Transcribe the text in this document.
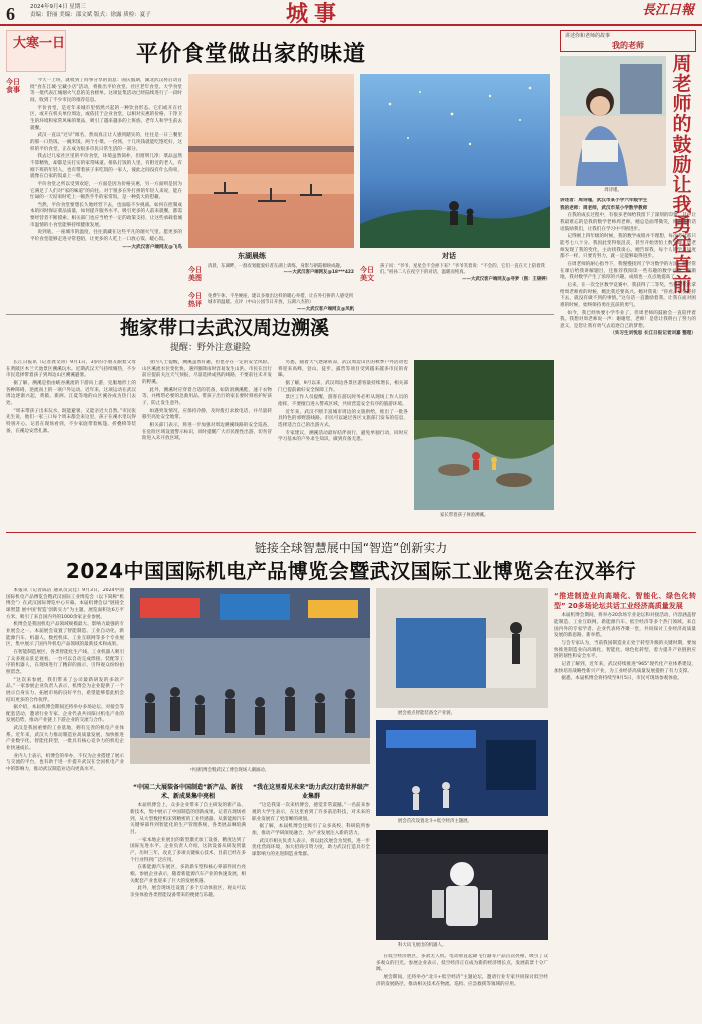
6	2024年9月4日 星期三
责编：舒丽 美编：邵文斌 版式：徐露 质检：夏子	城事	長江日報
大寒一日	平价食堂做出家的味道
今日食事

今天一上班，就收到了同事分享的消息：国庆假期，湖北武汉将启动首批“食在江城·宝藏小店”活动，将推出平价食堂、社区老年食堂、大学食堂等一批代表江城烟火气息的美食榜单。这项征集活动已经陆续进行了一段时间，收到了不少市民的推荐信息。

平价食堂，是近年来城市里悄然兴起的一种饮食形态。它们或开在社区，或开在机关单位周边，或依托于企业食堂，以相对实惠的价格、干净卫生的环境和家常风味的菜品，吸引了越来越多的上班族、老年人和学生前去就餐。

武汉一直以“过早”闻名，然而真正让人感到踏实的，往往是一日三餐里的那一口热饭。一碗米饭、两个小菜、一份汤，十几块钱就能吃饱吃好，这样的平价食堂，正在成为很多市民日常生活的一部分。

我去过几家社区里的平价食堂，环境虽然简朴，但窗明几净；菜品虽然不算精致，却都是实打实的家常味道。排队打饭的人里，有附近的老人，有刚下班的年轻人，也有带着孩子来吃饭的一家人，彼此之间没有什么拘束，就像在自家的饭桌上一样。

平价食堂之所以受到欢迎，一方面是因为价格实惠，另一方面则是因为它满足了人们对“家的味道”的向往。对于很多在外打拼的年轻人来说，能在忙碌的一天结束时吃上一顿热乎乎的家常饭，是一种莫大的慰藉。

当然，平价食堂要想长久地经营下去，也面临不少挑战。如何在控制成本的同时保证菜品质量，如何提升服务水平、吸引更多的人前来就餐，都需要经营者不断摸索。相关部门也应当给予一定的政策支持，让这些承载着城市温情的小食堂能够持续健康发展。

说到底，一座城市的温度，往往就藏在这些平凡的烟火气里。愿更多的平价食堂能够走进寻常巷陌，让更多的人吃上一口放心饭、暖心饭。

——大武汉客户端网友@飞鸟
东湖晨练
今日美图
清晨，东湖畔，一群皮划艇爱好者在湖上训练，身影与朝霞相映成趣。
——大武汉客户端网友@18***422
今日热评
免费午休、不坐硬座，建议多推出这样的暖心举措，让在外打拼的人感受到城市的温暖。点评（中山公园节日开放，五湖六杰的）
——大武汉客户端网友@风帆
对话
今日美文
孩子问：“爷爷，星星会不会掉下来？”爷爷笑着说：“不会的，它们一直在天上陪着我们。”祖孙二人在夜空下的对话，温暖而纯真。
——大武汉客户端网友@寻梦（图：王锦婷）
讲述你和老师的故事
我的老师
周老师的鼓励让我勇往直前
周诗瑾。

讲述者：周诗瑾，武汉市某小学六年级学生

我的老师：周老师，武汉市某小学数学教师

在我的成长过程中，有很多老师给我留下了深刻的印象，其中让我最难忘的是我的数学老师周老师。她总是面带微笑，用温柔的话语鼓励我们，让我们在学习中不断进步。

记得刚上四年级的时候，我的数学成绩并不理想，每次考试都只能考七八十分。我因此变得很沮丧，甚至开始害怕上数学课。周老师发现了我的变化，主动找我谈心。她告诉我，每个人的学习进度都不一样，只要肯努力，就一定能够取得进步。

在周老师的耐心指导下，我慢慢找到了学习数学的方法。她经常在课后给我讲解题目，还推荐我阅读一些有趣的数学书籍。渐渐地，我对数学产生了浓厚的兴趣，成绩也一点点地提高了。

后来，在一次全区数学竞赛中，我获得了二等奖。当我把奖状拿给周老师看的时候，她比我还要高兴。她对我说：“你看，只要坚持下去，就没有做不到的事情。”这句话一直激励着我，让我在面对困难的时候，始终保持勇往直前的勇气。

如今，我已经快要小学毕业了，但周老师的鼓励会一直陪伴着我。我想对周老师说一声：谢谢您，老师！是您让我明白了努力的意义，是您让我有勇气去追逐自己的梦想。

（实习生刘悦思 长江日报记者刘嘉 整理）
拖家带口去武汉周边溯溪
提醒：野外注意避险

长江日报讯（记者龚文涛）9月1日，3岁的小朋友跟着父母在黄陂区木兰天池景区溯溪玩水。近期武汉天气持续晴热，不少市民选择带着孩子到周边山区溯溪避暑。

据了解，溯溪是指由峡谷溪流的下游向上游，克服地形上的各种障碍，逆流而上的一项户外运动。近年来，这项运动在武汉周边逐渐兴起，黄陂、新洲、江夏等地的山区溪谷成为热门去处。

“周末带孩子出来玩水，既能避暑，又能亲近大自然。”市民张先生说，他们一家三口每个周末都会来这里，孩子在溪水里玩得特别开心。记者在现场看到，不少家庭带着帐篷、折叠椅等装备，在溪边安营扎寨。

业内人士提醒，溯溪虽然有趣，但也存在一定的安全风险。山区溪流水位变化快，遇到强降雨时容易发生山洪。市民在出行前应提前关注天气预报，尽量选择成熟的线路，不要前往未开发的野溪。

此外，溯溪时应穿着合适的装备，如防滑溯溪鞋、速干衣物等，并携带必要的急救用品。带孩子出行的家长要时刻看护好孩子，防止发生意外。

如遇突发情况，应保持冷静，及时拨打求救电话，并尽量转移至高处安全地带。

相关部门表示，将进一步加强对周边溯溪线路的安全巡查，在危险区域设置警示标识，同时提醒广大市民理性出游，切勿冒险进入未开放区域。

另悉，随着天气逐渐转凉，武汉周边山区的秋季户外活动也将迎来高峰，登山、徒步、露营等项目受到越来越多市民的青睐。

据了解，9月以来，武汉周边各景区游客量持续增长，相关部门已提前做好安全保障工作。

景区工作人员提醒，游客在游玩时务必听从现场工作人员的指挥，不要擅自进入警戒区域，共同营造安全有序的旅游环境。

近年来，武汉不断丰富城市周边的文旅供给，推出了一批各具特色的郊野游线路。市民可以通过各区文旅部门发布的信息，选择适合自己的出游方式。

专家建议，溯溪活动最好结伴而行，避免单独行动，同时应学习基本的户外求生知识，做到有备无患。

家长带着孩子体验溯溪。
链接全球智慧展中国“智造”创新实力
2024中国国际机电产品博览会暨武汉国际工业博览会在汉举行

本报讯（记者陈洁 通讯员吴佳）9月3日，2024中国国际机电产品博览会暨武汉国际工业博览会（以下简称“机博会”）在武汉国际博览中心开幕。本届机博会以“链接全球智慧 展中国‘智造’创新实力”为主题，展览面积达6万平方米，吸引了来自国内外的1000余家企业参展。

机博会是我国机电产品领域规模最大、影响力最强的专业展会之一。本届展会设置了智能制造、工业自动化、新能源汽车、机器人、数控机床、工业互联网等多个专业展区，集中展示了国内外机电产品领域的最新技术和成果。

在智能制造展区，各类智能化生产线、工业机器人吸引了众多观众驻足观看。一台可以自动完成焊接、装配等工序的机器人，在现场进行了精彩的演示，引得观众纷纷拍照留念。

“这次来参展，我们带来了公司最新研发的多款产品。”一家参展企业负责人表示，机博会为企业提供了一个展示自身实力、拓展市场的良好平台，希望能够借此机会结识更多的合作伙伴。

据介绍，本届机博会期间还将举办多场论坛、对接会等配套活动，邀请行业专家、企业代表共同探讨机电产业的发展趋势，推动产业链上下游企业的交流与合作。

武汉是我国重要的工业基地，拥有完善的机电产业体系。近年来，武汉大力推动制造业高质量发展，加快推进产业数字化、智能化转型，一批具有核心竞争力的机电企业快速成长。

业内人士表示，机博会的举办，不仅为企业搭建了展示与交流的平台，也有助于进一步提升武汉在全国机电产业中的影响力，推动武汉制造业迈向更高水平。	中国机博会暨武汉工博会现场人潮涌动。
“中国二大展装备中国制造”新产品、新技术、新成果集中亮相

本届机博会上，众多企业带来了自主研发的新产品、新技术，集中展示了中国制造的创新成果。记者在现场看到，从大型数控机床到精密的工业传感器，从新能源汽车关键零部件到智能化的生产管理系统，各类展品琳琅满目。

一家本地企业展出的新型激光加工设备，精度达到了国际先进水平。企业负责人介绍，这款设备从研发到量产，历时三年，攻克了多项关键核心技术，目前已经在多个行业得到广泛应用。

在新能源汽车展区，多款新车型和核心零部件同台亮相。参展企业表示，随着新能源汽车产业的快速发展，相关配套产业也迎来了巨大的发展机遇。

此外，展会现场还设置了多个互动体验区，观众可以亲身体验各类智能设备带来的便捷与乐趣。

“我在这里看见未来”助力武汉打造世界级产业集群

“这是我第一次来机博会，感觉非常震撼。”一名前来参观的大学生表示，在这里看到了许多前沿科技，对未来的职业发展有了更清晰的规划。

据了解，本届机博会还吸引了众多高校、科研院所参加，推动产学研深度融合，为产业发展注入新的活力。

武汉市相关负责人表示，将以此次展会为契机，进一步优化营商环境，加大招商引资力度，助力武汉打造具有全球影响力的先进制造业集群。

展会重点智能装备全产业链。
展会首次设置北斗+低空经济主题展。
科大讯飞展出的机器人。

在低空经济展区，多款无人机、电动垂直起降飞行器等产品首次亮相，吸引了众多观众的目光。参展企业表示，低空经济正在成为新的经济增长点，发展前景十分广阔。

展会期间，还将举办“北斗+低空经济”主题论坛，邀请行业专家共同探讨低空经济的发展路径，推动相关技术在物流、巡检、应急救援等领域的应用。

“推进制造业向高端化、智能化、绿色化转型” 20多场论坛共话工业经济高质量发展

本届机博会期间，将举办20余场专业论坛和对接活动，内容涵盖智能制造、工业互联网、新能源汽车、低空经济等多个热门领域。来自国内外的专家学者、企业代表将齐聚一堂，共同探讨工业经济高质量发展的新思路、新举措。

与会专家认为，当前我国制造业正处于转型升级的关键时期，要加快推进制造业向高端化、智能化、绿色化转型，着力提升产业链供应链的韧性和安全水平。

记者了解到，近年来，武汉持续推进“965”现代化产业体系建设，加快培育战略性新兴产业，为工业经济高质量发展提供了有力支撑。

据悉，本届机博会将持续至9月5日，市民可现场参观体验。
